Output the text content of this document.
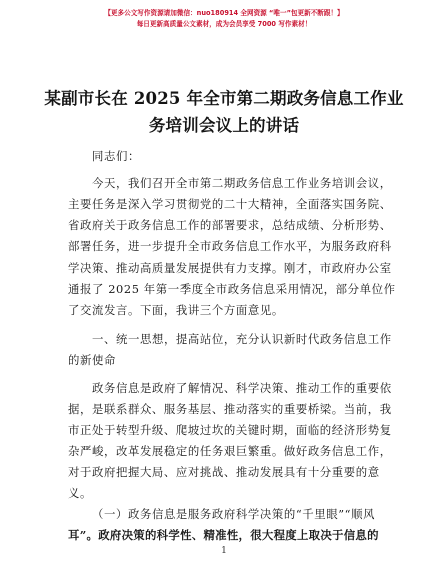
【更多公文写作资源请加微信：nuo180914 全网资源 “唯一”包更新不断跟！】
每日更新高质量公文素材，成为会员享受 7000 写作素材！
某副市长在 2025 年全市第二期政务信息工作业
务培训会议上的讲话
同志们：
今天，我们召开全市第二期政务信息工作业务培训会议，
主要任务是深入学习贯彻党的二十大精神，全面落实国务院、
省政府关于政务信息工作的部署要求，总结成绩、分析形势、
部署任务，进一步提升全市政务信息工作水平，为服务政府科
学决策、推动高质量发展提供有力支撑。刚才，市政府办公室
通报了 2025 年第一季度全市政务信息采用情况，部分单位作
了交流发言。下面，我讲三个方面意见。
一、统一思想，提高站位，充分认识新时代政务信息工作
的新使命
政务信息是政府了解情况、科学决策、推动工作的重要依
据，是联系群众、服务基层、推动落实的重要桥梁。当前，我
市正处于转型升级、爬坡过坎的关键时期，面临的经济形势复
杂严峻，改革发展稳定的任务艰巨繁重。做好政务信息工作，
对于政府把握大局、应对挑战、推动发展具有十分重要的意
义。
（一）政务信息是服务政府科学决策的“千里眼”“顺风
耳”。政府决策的科学性、精准性，很大程度上取决于信息的
1
